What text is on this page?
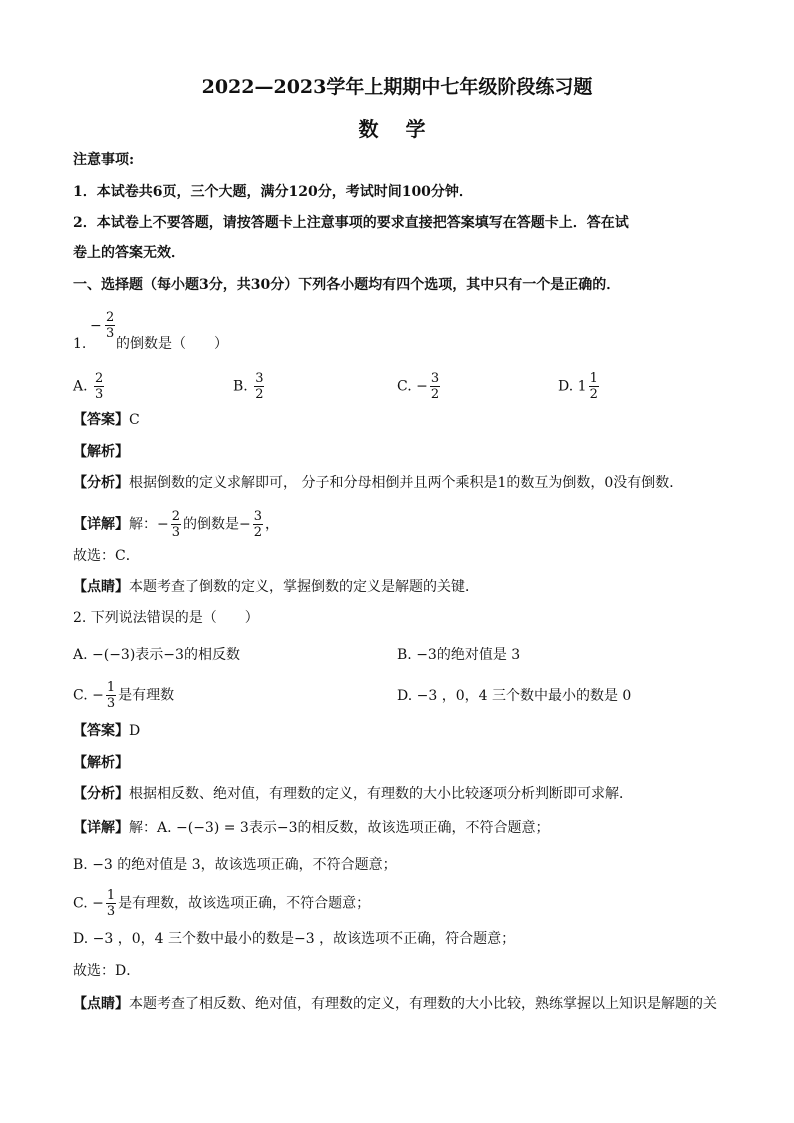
2022—2023学年上期期中七年级阶段练习题
数 学
注意事项:
1．本试卷共6页，三个大题，满分120分，考试时间100分钟．
2．本试卷上不要答题，请按答题卡上注意事项的要求直接把答案填写在答题卡上．答在试
卷上的答案无效．
一、选择题（每小题3分，共30分）下列各小题均有四个选项，其中只有一个是正确的．
1.
− $\frac{2}{3}$
的倒数是（　　）
A. $\frac{2}{3}$	B. $\frac{3}{2}$	C. − $\frac{3}{2}$	D. $1 \frac{1}{2}$
【答案】C
【解析】
【分析】根据倒数的定义求解即可， 分子和分母相倒并且两个乘积是1的数互为倒数，0没有倒数．
【详解】解：− $\frac{2}{3}$ 的倒数是− $\frac{3}{2}$ ，
故选：C．
【点睛】本题考查了倒数的定义，掌握倒数的定义是解题的关键．
2. 下列说法错误的是（　　）
A. −(−3)表示−3的相反数	B. −3的绝对值是 3
C. − $\frac{1}{3}$ 是有理数	D. −3 ，0，4 三个数中最小的数是 0
【答案】D
【解析】
【分析】根据相反数、绝对值，有理数的定义，有理数的大小比较逐项分析判断即可求解．
【详解】解：A. −(−3) = 3表示−3的相反数，故该选项正确，不符合题意；
B. −3 的绝对值是 3，故该选项正确，不符合题意；
C. − $\frac{1}{3}$ 是有理数，故该选项正确，不符合题意；
D. −3 ，0，4 三个数中最小的数是−3 ，故该选项不正确，符合题意；
故选：D．
【点睛】本题考查了相反数、绝对值，有理数的定义，有理数的大小比较，熟练掌握以上知识是解题的关
